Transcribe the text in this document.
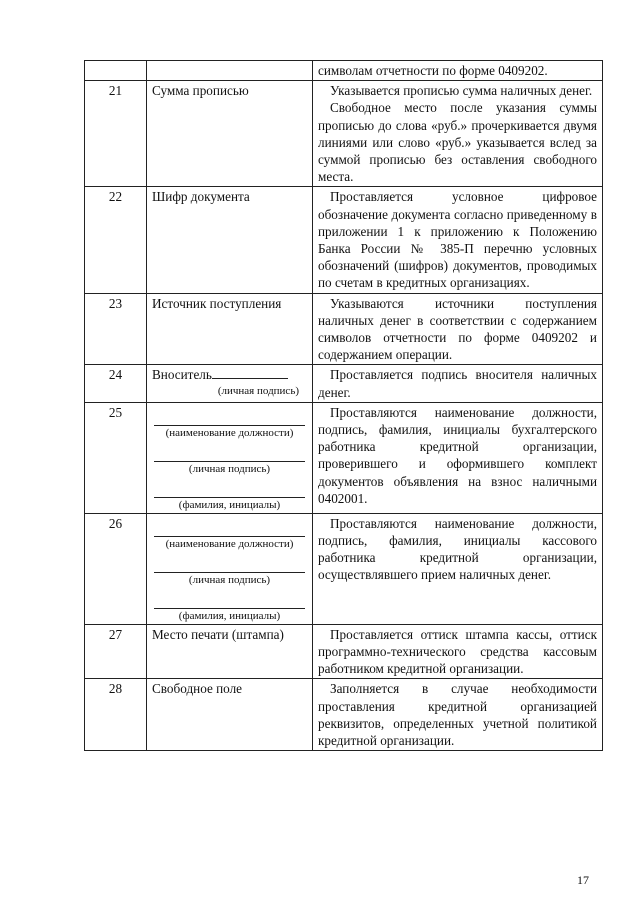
		символам отчетности по форме 0409202.

21	Сумма прописью	Указывается прописью сумма наличных денег.

Свободное место после указания суммы прописью до слова «руб.» прочеркивается двумя линиями или слово «руб.» указывается вслед за суммой прописью без оставления свободного места.

22	Шифр документа	Проставляется условное цифровое обозначение документа согласно приведенному в приложении 1 к приложению к Положению Банка России № 385-П перечню условных обозначений (шифров) документов, проводимых по счетам в кредитных организациях.

23	Источник поступления	Указываются источники поступления наличных денег в соответствии с содержанием символов отчетности по форме 0409202 и содержанием операции.

24	Вноситель
(личная подпись)	Проставляется подпись вносителя наличных денег.

25	(наименование должности)
(личная подпись)
(фамилия, инициалы)	Проставляются наименование должности, подпись, фамилия, инициалы бухгалтерского работника кредитной организации, проверившего и оформившего комплект документов объявления на взнос наличными 0402001.

26	(наименование должности)
(личная подпись)
(фамилия, инициалы)	Проставляются наименование должности, подпись, фамилия, инициалы кассового работника кредитной организации, осуществлявшего прием наличных денег.

27	Место печати (штампа)	Проставляется оттиск штампа кассы, оттиск программно-технического средства кассовым работником кредитной организации.

28	Свободное поле	Заполняется в случае необходимости проставления кредитной организацией реквизитов, определенных учетной политикой кредитной организации.

17
